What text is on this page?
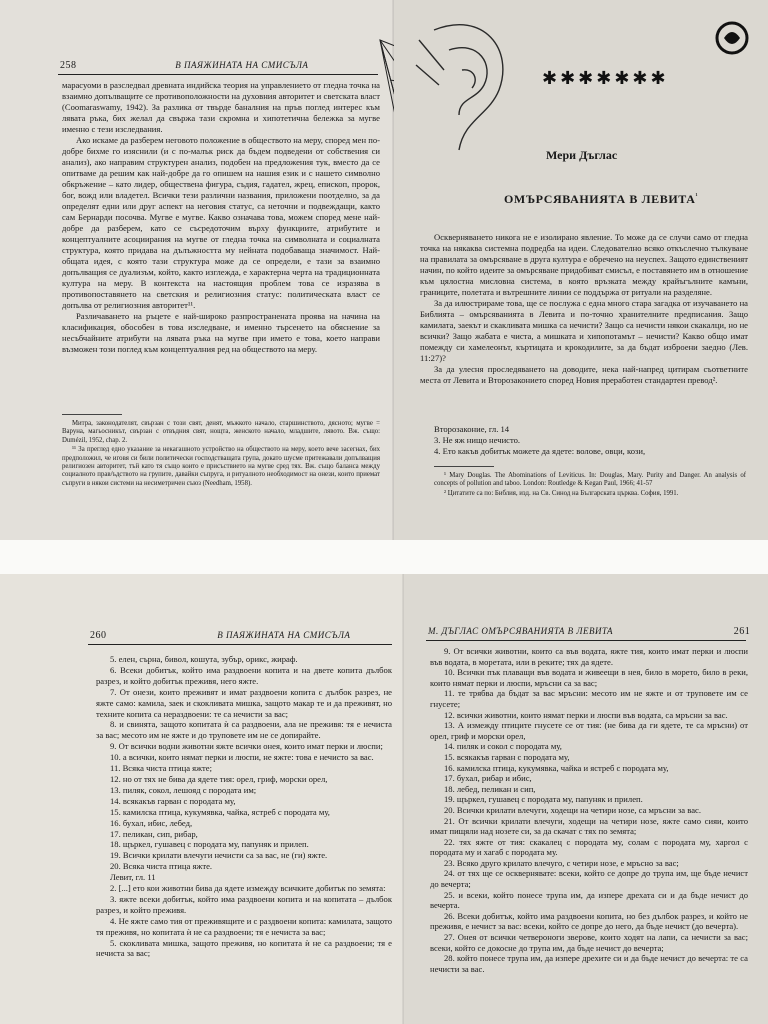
258	В ПАЯЖИНАТА НА СМИСЪЛА

марасуоми в разследвал древната индийска теория на управлението от гледна точка на взаимно допълващите се противоположности на духовния авторитет и светската власт (Coomaraswamy, 1942). За разлика от твърде баналния на пръв поглед интерес към лявата ръка, бих желал да свържа тази скромна и хипотетична бележка за мугве именно с тези изследвания.

Ако искаме да разберем неговото положение в обществото на меру, според мен по-добре бихме го изяснили (и с по-малък риск да бъдем подведени от собствения си анализ), ако направим структурен анализ, подобен на предложения тук, вместо да се опитваме да решим как най-добре да го опишем на нашия език и с нашето символно обкръжение – като лидер, обществена фигура, съдия, гадател, жрец, епископ, пророк, бог, вожд или владетел. Всички тези различни названия, приложени поотделно, за да определят едни или друг аспект на неговия статус, са неточни и подвеждащи, както сам Бернарди посочва. Мугве е мугве. Какво означава това, можем според мене най-добре да разберем, като се съсредоточим върху функциите, атрибутите и концептуалните асоциирания на мугве от гледна точка на символната и социалната структура, която придава на дълъжността му нейната подобаваща значимост. Най-общата идея, с която тази структура може да се определи, е тази за взаимно допълващия се дуализъм, който, както изглежда, е характерна черта на традиционната култура на меру. В контекста на настоящия проблем това се изразява в противопоставянето на светския и религиозния статус: политическата власт се допълва от религиозния авторитет¹¹.

Различаването на ръцете е най-широко разпространената проява на начина на класификация, обособен в това изследване, и именно търсенето на обяснение за несъбчайните атрибути на лявата ръка на мугве при името е това, което направи възможен този поглед към концептуалния ред на обществото на меру.

Митра, законодателят, свързан с този свят, денят, мъжкото начало, старшинството, дясното; мугве = Варуна, магьосникът, свързан с отвъдния свят, нощта, женското начало, младшите, лявото. Вж. също: Dumézil, 1952, chap. 2.

¹¹ За преглед едно указание за некагашното устройство на обществото на меру, което вече засегнах, бих предположил, че иговя си били политически господстващата група, докато шусме притежавали допълващия религиозен авторитет, тъй като тя също които е присъствието на мугве сред тях. Вж. също баланса между социалното прав/ъдството на групите, давайки съпруга, и ритуалното необходимост на онези, които приемат съпруги в някои системи на несиметричен съюз (Needham, 1958).

✱✱✱✱✱✱✱
Мери Дъглас
ОМЪРСЯВАНИЯТА В $ЛЕВИТА^{^1}$

Оскверняването никога не е изолирано явление. То може да се случи само от гледна точка на някаква системна подредба на идеи. Следователно всяко откъслечно тълкуване на правилата за омърсяване в друга култура е обречено на неуспех. Защото единственият начин, по който идеите за омърсяване придобиват смисъл, е поставянето им в отношение към цялостна мисловна система, в която връзката между крайъгълните камъни, границите, полетата и вътрешните линии се поддържа от ритуали на разделяне.

За да илюстрираме това, ще се послужа с една много стара загадка от изучаването на Библията – омърсяванията в Левита и по-точно хранителните предписания. Защо камилата, заекът и скакливата мишка са нечисти? Защо са нечисти някои скакалци, но не всички? Защо жабата е чиста, а мишката и хипопотамът – нечисти? Какво общо имат помежду си хамелеонът, къртицата и крокодилите, за да бъдат изброени заедно (Лев. 11:27)?

За да улесня проследяването на доводите, нека най-напред цитирам съответните места от Левита и Второзаконието според Новия преработен стандартен превод².

Второзаконие, гл. 14
3. Не яж нищо нечисто.
4. Ето какъв добитък можете да ядете: волове, овци, кози,

¹ Mary Douglas. The Abominations of Leviticus. In: Douglas, Mary. Purity and Danger. An analysis of concepts of pollution and taboo. London: Routledge & Kegan Paul, 1966; 41-57

² Цитатите са по: Библия, изд. на Св. Синод на Българската църква. София, 1991.

260	В ПАЯЖИНАТА НА СМИСЪЛА

5. елен, сърна, бивол, кошута, зубър, орикс, жираф.

6. Всеки добитък, който има раздвоени копита и на двете копита дълбок разрез, и който добитък преживя, него яжте.

7. От онези, които преживят и имат раздвоени копита с дълбок разрез, не яжте само: камила, заек и скокливата мишка, защото макар те и да преживят, но техните копита са нераздвоени: те са нечисти за вас;

8. и свинята, защото копитата ѝ са раздвоени, ала не преживя: тя е нечиста за вас; месото им не яжте и до труповете им не се допирайте.

9. От всички водни животни яжте всички онея, които имат перки и люспи;

10. а всички, които нямат перки и люспи, не яжте: това е нечисто за вас.

11. Всяка чиста птица яжте;

12. но от тях не бива да ядете тия: орел, гриф, морски орел,

13. пиляк, сокол, лешояд с породата им;

14. всякакъв гарван с породата му,

15. камилска птица, кукумявка, чайка, ястреб с породата му,

16. бухал, ибис, лебед,

17. пеликан, сип, рибар,

18. щъркел, гушавец с породата му, папуняк и прилеп.

19. Всички крилати влечуги нечисти са за вас, не (ги) яжте.

20. Всяка чиста птица яжте.

Левит, гл. 11

2. [...] ето кои животни бива да ядете измежду всичките добитък по земята:

3. яжте всеки добитък, който има раздвоени копита и на копитата – дълбок разрез, и който преживя.

4. Не яжте само тия от преживящите и с раздвоени копита: камилата, защото тя преживя, но копитата ѝ не са раздвоени; тя е нечиста за вас;

5. скокливата мишка, защото преживя, но копитата ѝ не са раздвоени; тя е нечиста за вас;

М. ДЪГЛАС ОМЪРСЯВАНИЯТА В ЛЕВИТА	261

9. От всички животни, които са във водата, яжте тия, които имат перки и люспи във водата, в моретата, или в реките; тях да ядете.

10. Всички пък плаващи във водата и живеещи в нея, било в морето, било в реки, които нямат перки и люспи, мръсни са за вас;

11. те трябва да бъдат за вас мръсни: месото им не яжте и от труповете им се гнусете;

12. всички животни, които нямат перки и люспи във водата, са мръсни за вас.

13. А измежду птиците гнусете се от тия: (не бива да ги ядете, те са мръсни) от орел, гриф и морски орел,

14. пиляк и сокол с породата му,

15. всякакъв гарван с породата му,

16. камилска птица, кукумявка, чайка и ястреб с породата му,

17. бухал, рибар и ибис,

18. лебед, пеликан и сип,

19. щъркел, гушавец с породата му, папуняк и прилеп.

20. Всички крилати влечуги, ходещи на четири нозе, са мръсни за вас.

21. От всички крилати влечуги, ходещи на четири нозе, яжте само сияи, които имат пищяли над нозете си, за да скачат с тях по земята;

22. тях яжте от тия: скакалец с породата му, солам с породата му, харгол с породата му и хагаб с породата му.

23. Всяко друго крилато влечуго, с четири нозе, е мръсно за вас;

24. от тях ще се осквернявате: всеки, който се допре до трупа им, ще бъде нечист до вечерта;

25. и всеки, който понесе трупа им, да изпере дрехата си и да бъде нечист до вечерта.

26. Всеки добитък, който има раздвоени копита, но без дълбок разрез, и който не преживя, е нечист за вас: всеки, който се допре до него, да бъде нечист (до вечерта).

27. Онея от всички четвероноги зверове, които ходят на лапи, са нечисти за вас; всеки, който се докосне до трупа им, да бъде нечист до вечерта;

28. който понесе трупа им, да изпере дрехите си и да бъде нечист до вечерта: те са нечисти за вас.
